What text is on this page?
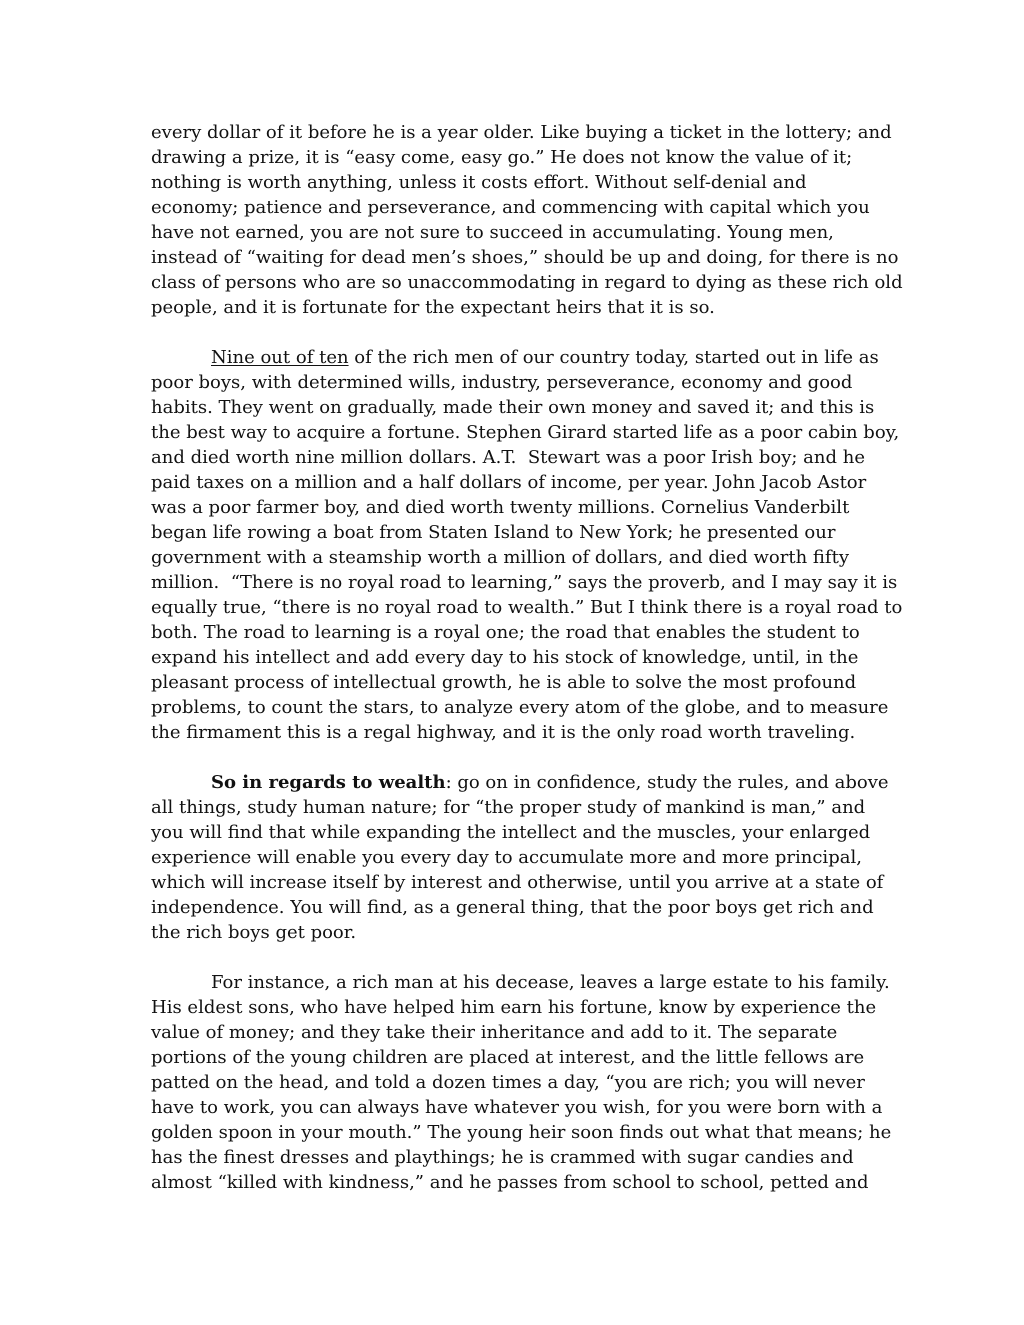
every dollar of it before he is a year older. Like buying a ticket in the lottery; and
drawing a prize, it is “easy come, easy go.” He does not know the value of it;
nothing is worth anything, unless it costs effort. Without self-denial and
economy; patience and perseverance, and commencing with capital which you
have not earned, you are not sure to succeed in accumulating. Young men,
instead of “waiting for dead men’s shoes,” should be up and doing, for there is no
class of persons who are so unaccommodating in regard to dying as these rich old
people, and it is fortunate for the expectant heirs that it is so.
Nine out of ten of the rich men of our country today, started out in life as
poor boys, with determined wills, industry, perseverance, economy and good
habits. They went on gradually, made their own money and saved it; and this is
the best way to acquire a fortune. Stephen Girard started life as a poor cabin boy,
and died worth nine million dollars. A.T.  Stewart was a poor Irish boy; and he
paid taxes on a million and a half dollars of income, per year. John Jacob Astor
was a poor farmer boy, and died worth twenty millions. Cornelius Vanderbilt
began life rowing a boat from Staten Island to New York; he presented our
government with a steamship worth a million of dollars, and died worth fifty
million.  “There is no royal road to learning,” says the proverb, and I may say it is
equally true, “there is no royal road to wealth.” But I think there is a royal road to
both. The road to learning is a royal one; the road that enables the student to
expand his intellect and add every day to his stock of knowledge, until, in the
pleasant process of intellectual growth, he is able to solve the most profound
problems, to count the stars, to analyze every atom of the globe, and to measure
the firmament this is a regal highway, and it is the only road worth traveling.
So in regards to wealth: go on in confidence, study the rules, and above
all things, study human nature; for “the proper study of mankind is man,” and
you will find that while expanding the intellect and the muscles, your enlarged
experience will enable you every day to accumulate more and more principal,
which will increase itself by interest and otherwise, until you arrive at a state of
independence. You will find, as a general thing, that the poor boys get rich and
the rich boys get poor.
For instance, a rich man at his decease, leaves a large estate to his family.
His eldest sons, who have helped him earn his fortune, know by experience the
value of money; and they take their inheritance and add to it. The separate
portions of the young children are placed at interest, and the little fellows are
patted on the head, and told a dozen times a day, “you are rich; you will never
have to work, you can always have whatever you wish, for you were born with a
golden spoon in your mouth.” The young heir soon finds out what that means; he
has the finest dresses and playthings; he is crammed with sugar candies and
almost “killed with kindness,” and he passes from school to school, petted and
